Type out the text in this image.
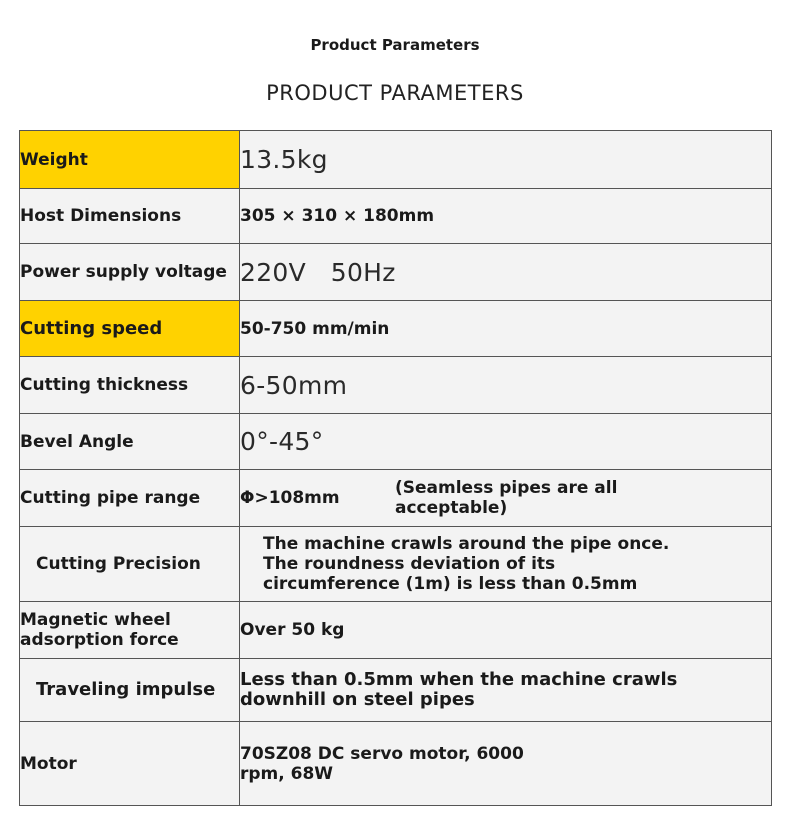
Product Parameters
PRODUCT PARAMETERS
Weight	13.5kg
Host Dimensions	305 × 310 × 180mm
Power supply voltage	220V   50Hz
Cutting speed	50-750 mm/min
Cutting thickness	6-50mm
Bevel Angle	0°-45°
Cutting pipe range	Φ>108mm (Seamless pipes are all acceptable)

Cutting Precision	The machine crawls around the pipe once. The roundness deviation of its circumference (1m) is less than 0.5mm
Magnetic wheel adsorption force	Over 50 kg
Traveling impulse	Less than 0.5mm when the machine crawls downhill on steel pipes
Motor	70SZ08 DC servo motor, 6000 rpm, 68W
